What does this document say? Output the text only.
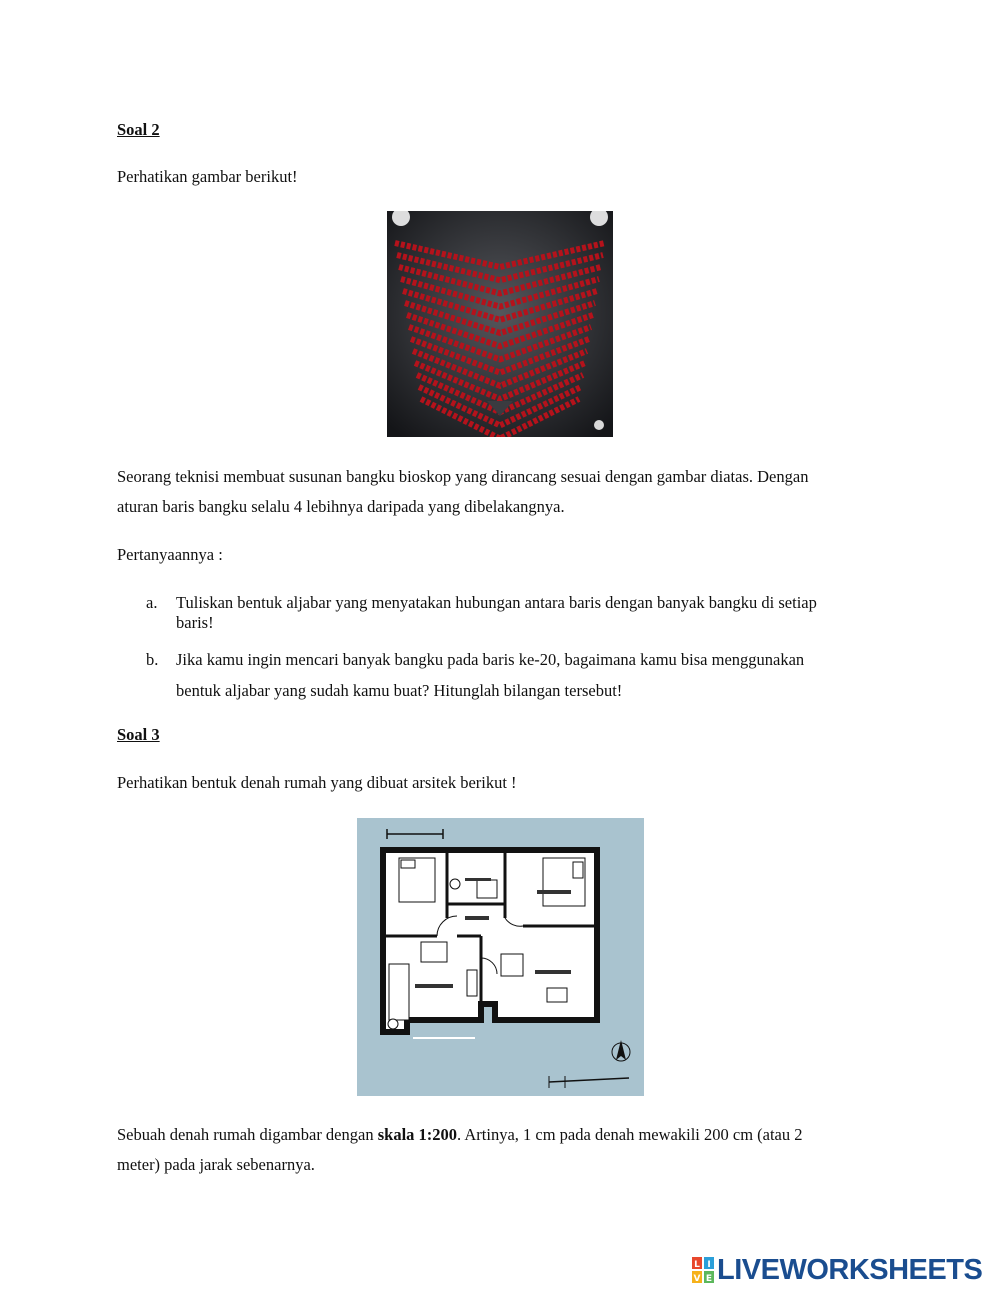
Soal 2
Perhatikan gambar berikut!
Seorang teknisi membuat susunan bangku bioskop yang dirancang sesuai dengan gambar diatas. Dengan
aturan baris bangku selalu 4 lebihnya daripada yang dibelakangnya.
Pertanyaannya :
a. Tuliskan bentuk aljabar yang menyatakan hubungan antara baris dengan banyak bangku di setiap
baris!
b. Jika kamu ingin mencari banyak bangku pada baris ke-20, bagaimana kamu bisa menggunakan
bentuk aljabar yang sudah kamu buat? Hitunglah bilangan tersebut!
Soal 3
Perhatikan bentuk denah rumah yang dibuat arsitek berikut !
Sebuah denah rumah digambar dengan skala 1:200. Artinya, 1 cm pada denah mewakili 200 cm (atau 2
meter) pada jarak sebenarnya.
L I
V E LIVEWORKSHEETS
